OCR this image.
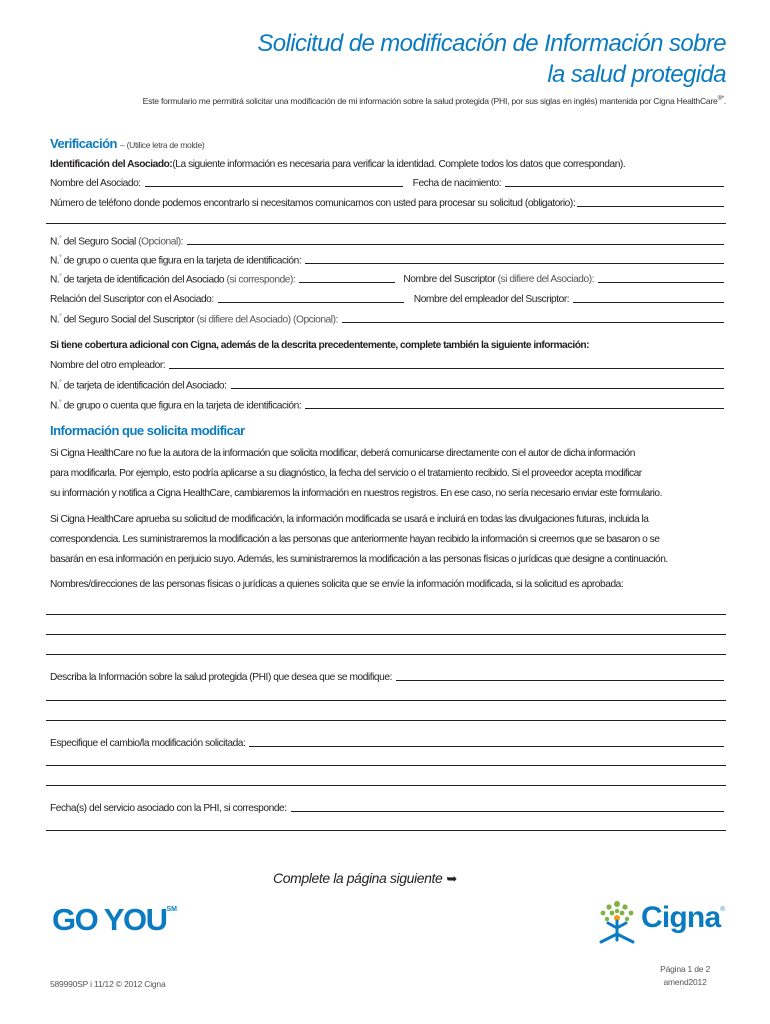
Solicitud de modificación de Información sobre
la salud protegida
Este formulario me permitirá solicitar una modificación de mi información sobre la salud protegida (PHI, por sus siglas en inglés) mantenida por Cigna HealthCare®*.
Verificación – (Utilice letra de molde)
Identificación del Asociado: (La siguiente información es necesaria para verificar la identidad. Complete todos los datos que correspondan).
Nombre del Asociado:	Fecha de nacimiento:
Número de teléfono donde podemos encontrarlo si necesitamos comunicarnos con usted para procesar su solicitud (obligatorio):
N.° del Seguro Social (Opcional):
N.° de grupo o cuenta que figura en la tarjeta de identificación:
N.° de tarjeta de identificación del Asociado (si corresponde):	Nombre del Suscriptor (si difiere del Asociado):
Relación del Suscriptor con el Asociado:	Nombre del empleador del Suscriptor:
N.° del Seguro Social del Suscriptor (si difiere del Asociado) (Opcional):
Si tiene cobertura adicional con Cigna, además de la descrita precedentemente, complete también la siguiente información:
Nombre del otro empleador:
N.° de tarjeta de identificación del Asociado:
N.° de grupo o cuenta que figura en la tarjeta de identificación:
Información que solicita modificar
Si Cigna HealthCare no fue la autora de la información que solicita modificar, deberá comunicarse directamente con el autor de dicha información
para modificarla. Por ejemplo, esto podría aplicarse a su diagnóstico, la fecha del servicio o el tratamiento recibido. Si el proveedor acepta modificar
su información y notifica a Cigna HealthCare, cambiaremos la información en nuestros registros. En ese caso, no sería necesario enviar este formulario.
Si Cigna HealthCare aprueba su solicitud de modificación, la información modificada se usará e incluirá en todas las divulgaciones futuras, incluida la
correspondencia. Les suministraremos la modificación a las personas que anteriormente hayan recibido la información si creemos que se basaron o se
basarán en esa información en perjuicio suyo. Además, les suministraremos la modificación a las personas físicas o jurídicas que designe a continuación.
Nombres/direcciones de las personas físicas o jurídicas a quienes solicita que se envíe la información modificada, si la solicitud es aprobada:
Describa la Información sobre la salud protegida (PHI) que desea que se modifique:
Especifique el cambio/la modificación solicitada:
Fecha(s) del servicio asociado con la PHI, si corresponde:
Complete la página siguiente ➥
GO YOU℠	Cigna®
589990SP i 11/12 © 2012 Cigna
Página 1 de 2
amend2012
